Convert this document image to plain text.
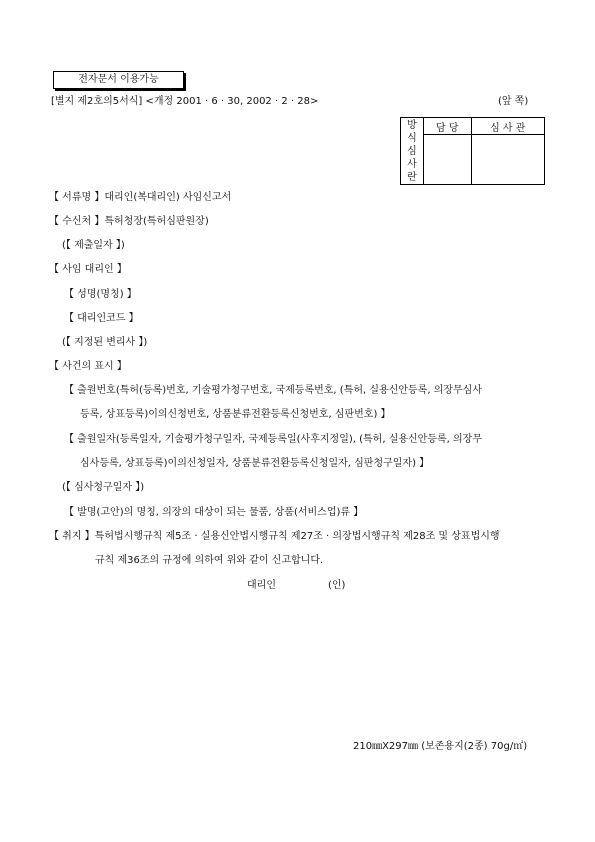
전자문서 이용가능
[별지 제2호의5서식] <개정 2001 · 6 · 30, 2002 · 2 · 28>	(앞 쪽)
방
식
심
사
란	담 당	심 사 관

【 서류명 】대리인(복대리인) 사임신고서
【 수신처 】특허청장(특허심판원장)
(【 제출일자 】)
【 사임 대리인 】
【 성명(명칭) 】
【 대리인코드 】
(【 지정된 변리사 】)
【 사건의 표시 】
【 출원번호(특허(등록)번호, 기술평가청구번호, 국제등록번호, (특허, 실용신안등록, 의장무심사
등록, 상표등록)이의신청번호, 상품분류전환등록신청번호, 심판번호) 】
【 출원일자(등록일자, 기술평가청구일자, 국제등록일(사후지정일), (특허, 실용신안등록, 의장무
심사등록, 상표등록)이의신청일자, 상품분류전환등록신청일자, 심판청구일자) 】
(【 심사청구일자 】)
【 발명(고안)의 명칭, 의장의 대상이 되는 물품, 상품(서비스업)류 】
【 취지 】특허법시행규칙 제5조 · 실용신안법시행규칙 제27조 · 의장법시행규칙 제28조 및 상표법시행
규칙 제36조의 규정에 의하여 위와 같이 신고합니다.
대리인	(인)
210㎜X297㎜ (보존용지(2종) 70g/㎡)
